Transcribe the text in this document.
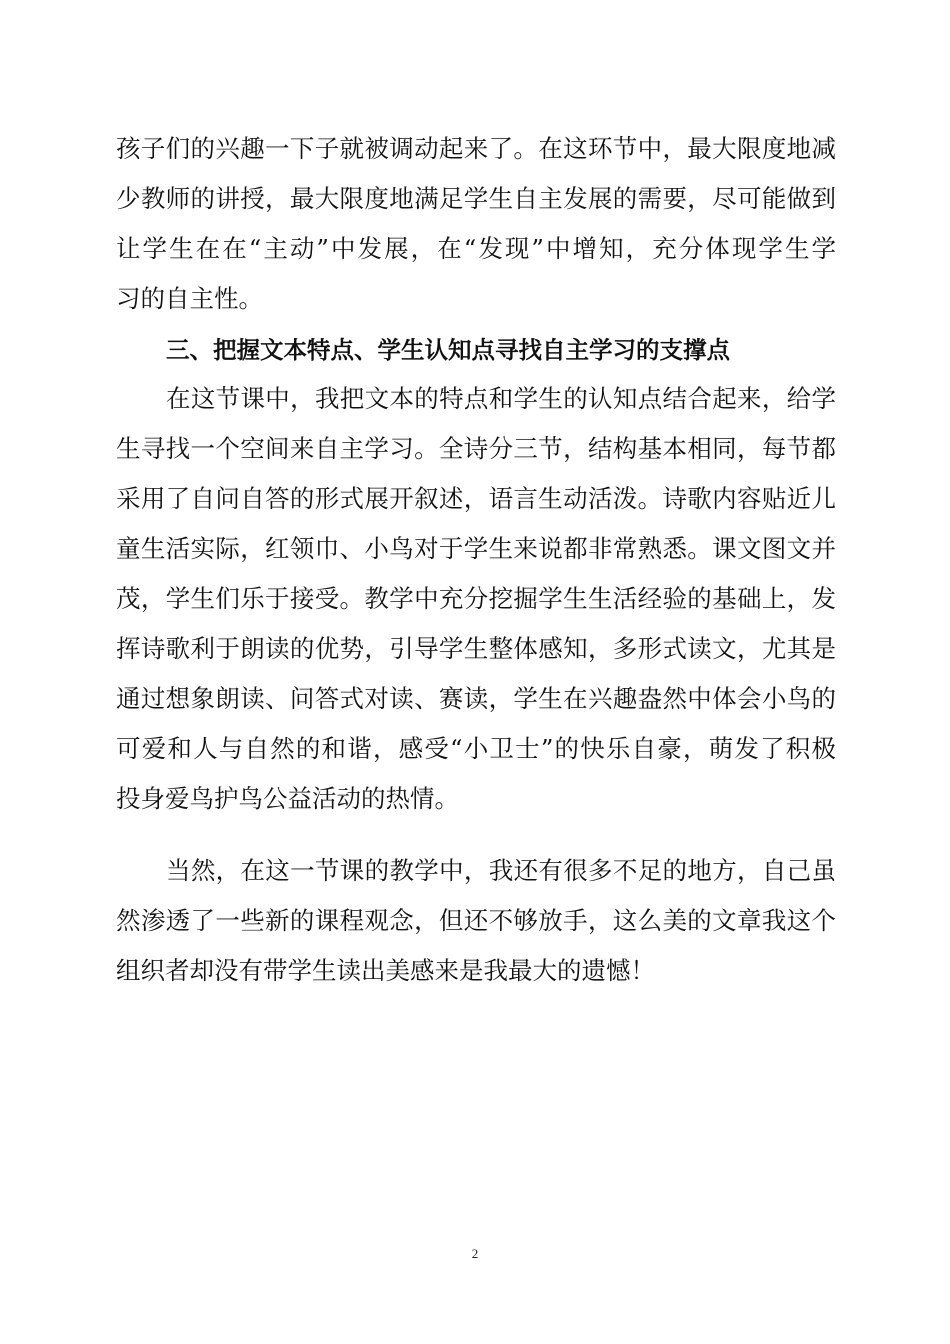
孩子们的兴趣一下子就被调动起来了。在这环节中，最大限度地减
少教师的讲授，最大限度地满足学生自主发展的需要，尽可能做到
让学生在在“主动”中发展，在“发现”中增知，充分体现学生学
习的自主性。
三、把握文本特点、学生认知点寻找自主学习的支撑点
在这节课中，我把文本的特点和学生的认知点结合起来，给学
生寻找一个空间来自主学习。全诗分三节，结构基本相同，每节都
采用了自问自答的形式展开叙述，语言生动活泼。诗歌内容贴近儿
童生活实际，红领巾、小鸟对于学生来说都非常熟悉。课文图文并
茂，学生们乐于接受。教学中充分挖掘学生生活经验的基础上，发
挥诗歌利于朗读的优势，引导学生整体感知，多形式读文，尤其是
通过想象朗读、问答式对读、赛读，学生在兴趣盎然中体会小鸟的
可爱和人与自然的和谐，感受“小卫士”的快乐自豪，萌发了积极
投身爱鸟护鸟公益活动的热情。
当然，在这一节课的教学中，我还有很多不足的地方，自己虽
然渗透了一些新的课程观念，但还不够放手，这么美的文章我这个
组织者却没有带学生读出美感来是我最大的遗憾！
2
